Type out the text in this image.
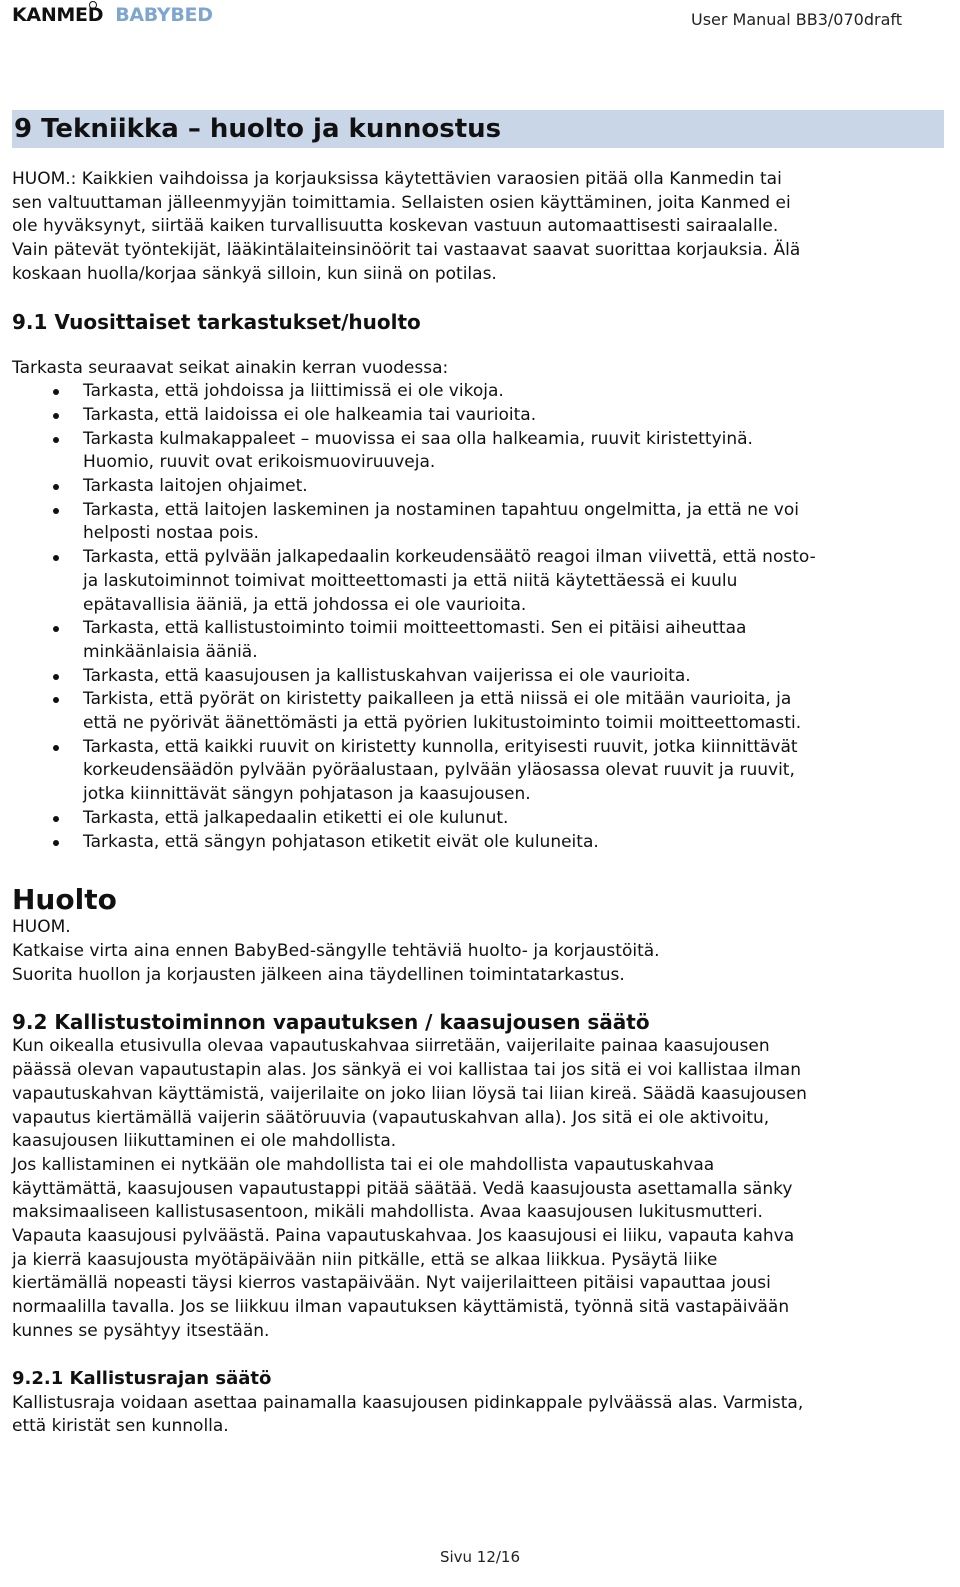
KANMED BABYBED	User Manual BB3/070draft
9 Tekniikka – huolto ja kunnostus
HUOM.: Kaikkien vaihdoissa ja korjauksissa käytettävien varaosien pitää olla Kanmedin tai
sen valtuuttaman jälleenmyyjän toimittamia. Sellaisten osien käyttäminen, joita Kanmed ei
ole hyväksynyt, siirtää kaiken turvallisuutta koskevan vastuun automaattisesti sairaalalle.
Vain pätevät työntekijät, lääkintälaiteinsinöörit tai vastaavat saavat suorittaa korjauksia. Älä
koskaan huolla/korjaa sänkyä silloin, kun siinä on potilas.
9.1 Vuosittaiset tarkastukset/huolto
Tarkasta seuraavat seikat ainakin kerran vuodessa:
Tarkasta, että johdoissa ja liittimissä ei ole vikoja.
Tarkasta, että laidoissa ei ole halkeamia tai vaurioita.
Tarkasta kulmakappaleet – muovissa ei saa olla halkeamia, ruuvit kiristettyinä.
Huomio, ruuvit ovat erikoismuoviruuveja.
Tarkasta laitojen ohjaimet.
Tarkasta, että laitojen laskeminen ja nostaminen tapahtuu ongelmitta, ja että ne voi
helposti nostaa pois.
Tarkasta, että pylvään jalkapedaalin korkeudensäätö reagoi ilman viivettä, että nosto-
ja laskutoiminnot toimivat moitteettomasti ja että niitä käytettäessä ei kuulu
epätavallisia ääniä, ja että johdossa ei ole vaurioita.
Tarkasta, että kallistustoiminto toimii moitteettomasti. Sen ei pitäisi aiheuttaa
minkäänlaisia ääniä.
Tarkasta, että kaasujousen ja kallistuskahvan vaijerissa ei ole vaurioita.
Tarkista, että pyörät on kiristetty paikalleen ja että niissä ei ole mitään vaurioita, ja
että ne pyörivät äänettömästi ja että pyörien lukitustoiminto toimii moitteettomasti.
Tarkasta, että kaikki ruuvit on kiristetty kunnolla, erityisesti ruuvit, jotka kiinnittävät
korkeudensäädön pylvään pyöräalustaan, pylvään yläosassa olevat ruuvit ja ruuvit,
jotka kiinnittävät sängyn pohjatason ja kaasujousen.
Tarkasta, että jalkapedaalin etiketti ei ole kulunut.
Tarkasta, että sängyn pohjatason etiketit eivät ole kuluneita.
Huolto
HUOM.
Katkaise virta aina ennen BabyBed-sängylle tehtäviä huolto- ja korjaustöitä.
Suorita huollon ja korjausten jälkeen aina täydellinen toimintatarkastus.
9.2 Kallistustoiminnon vapautuksen / kaasujousen säätö
Kun oikealla etusivulla olevaa vapautuskahvaa siirretään, vaijerilaite painaa kaasujousen
päässä olevan vapautustapin alas. Jos sänkyä ei voi kallistaa tai jos sitä ei voi kallistaa ilman
vapautuskahvan käyttämistä, vaijerilaite on joko liian löysä tai liian kireä. Säädä kaasujousen
vapautus kiertämällä vaijerin säätöruuvia (vapautuskahvan alla). Jos sitä ei ole aktivoitu,
kaasujousen liikuttaminen ei ole mahdollista.
Jos kallistaminen ei nytkään ole mahdollista tai ei ole mahdollista vapautuskahvaa
käyttämättä, kaasujousen vapautustappi pitää säätää. Vedä kaasujousta asettamalla sänky
maksimaaliseen kallistusasentoon, mikäli mahdollista. Avaa kaasujousen lukitusmutteri.
Vapauta kaasujousi pylväästä. Paina vapautuskahvaa. Jos kaasujousi ei liiku, vapauta kahva
ja kierrä kaasujousta myötäpäivään niin pitkälle, että se alkaa liikkua. Pysäytä liike
kiertämällä nopeasti täysi kierros vastapäivään. Nyt vaijerilaitteen pitäisi vapauttaa jousi
normaalilla tavalla. Jos se liikkuu ilman vapautuksen käyttämistä, työnnä sitä vastapäivään
kunnes se pysähtyy itsestään.
9.2.1 Kallistusrajan säätö
Kallistusraja voidaan asettaa painamalla kaasujousen pidinkappale pylväässä alas. Varmista,
että kiristät sen kunnolla.
Sivu 12/16
